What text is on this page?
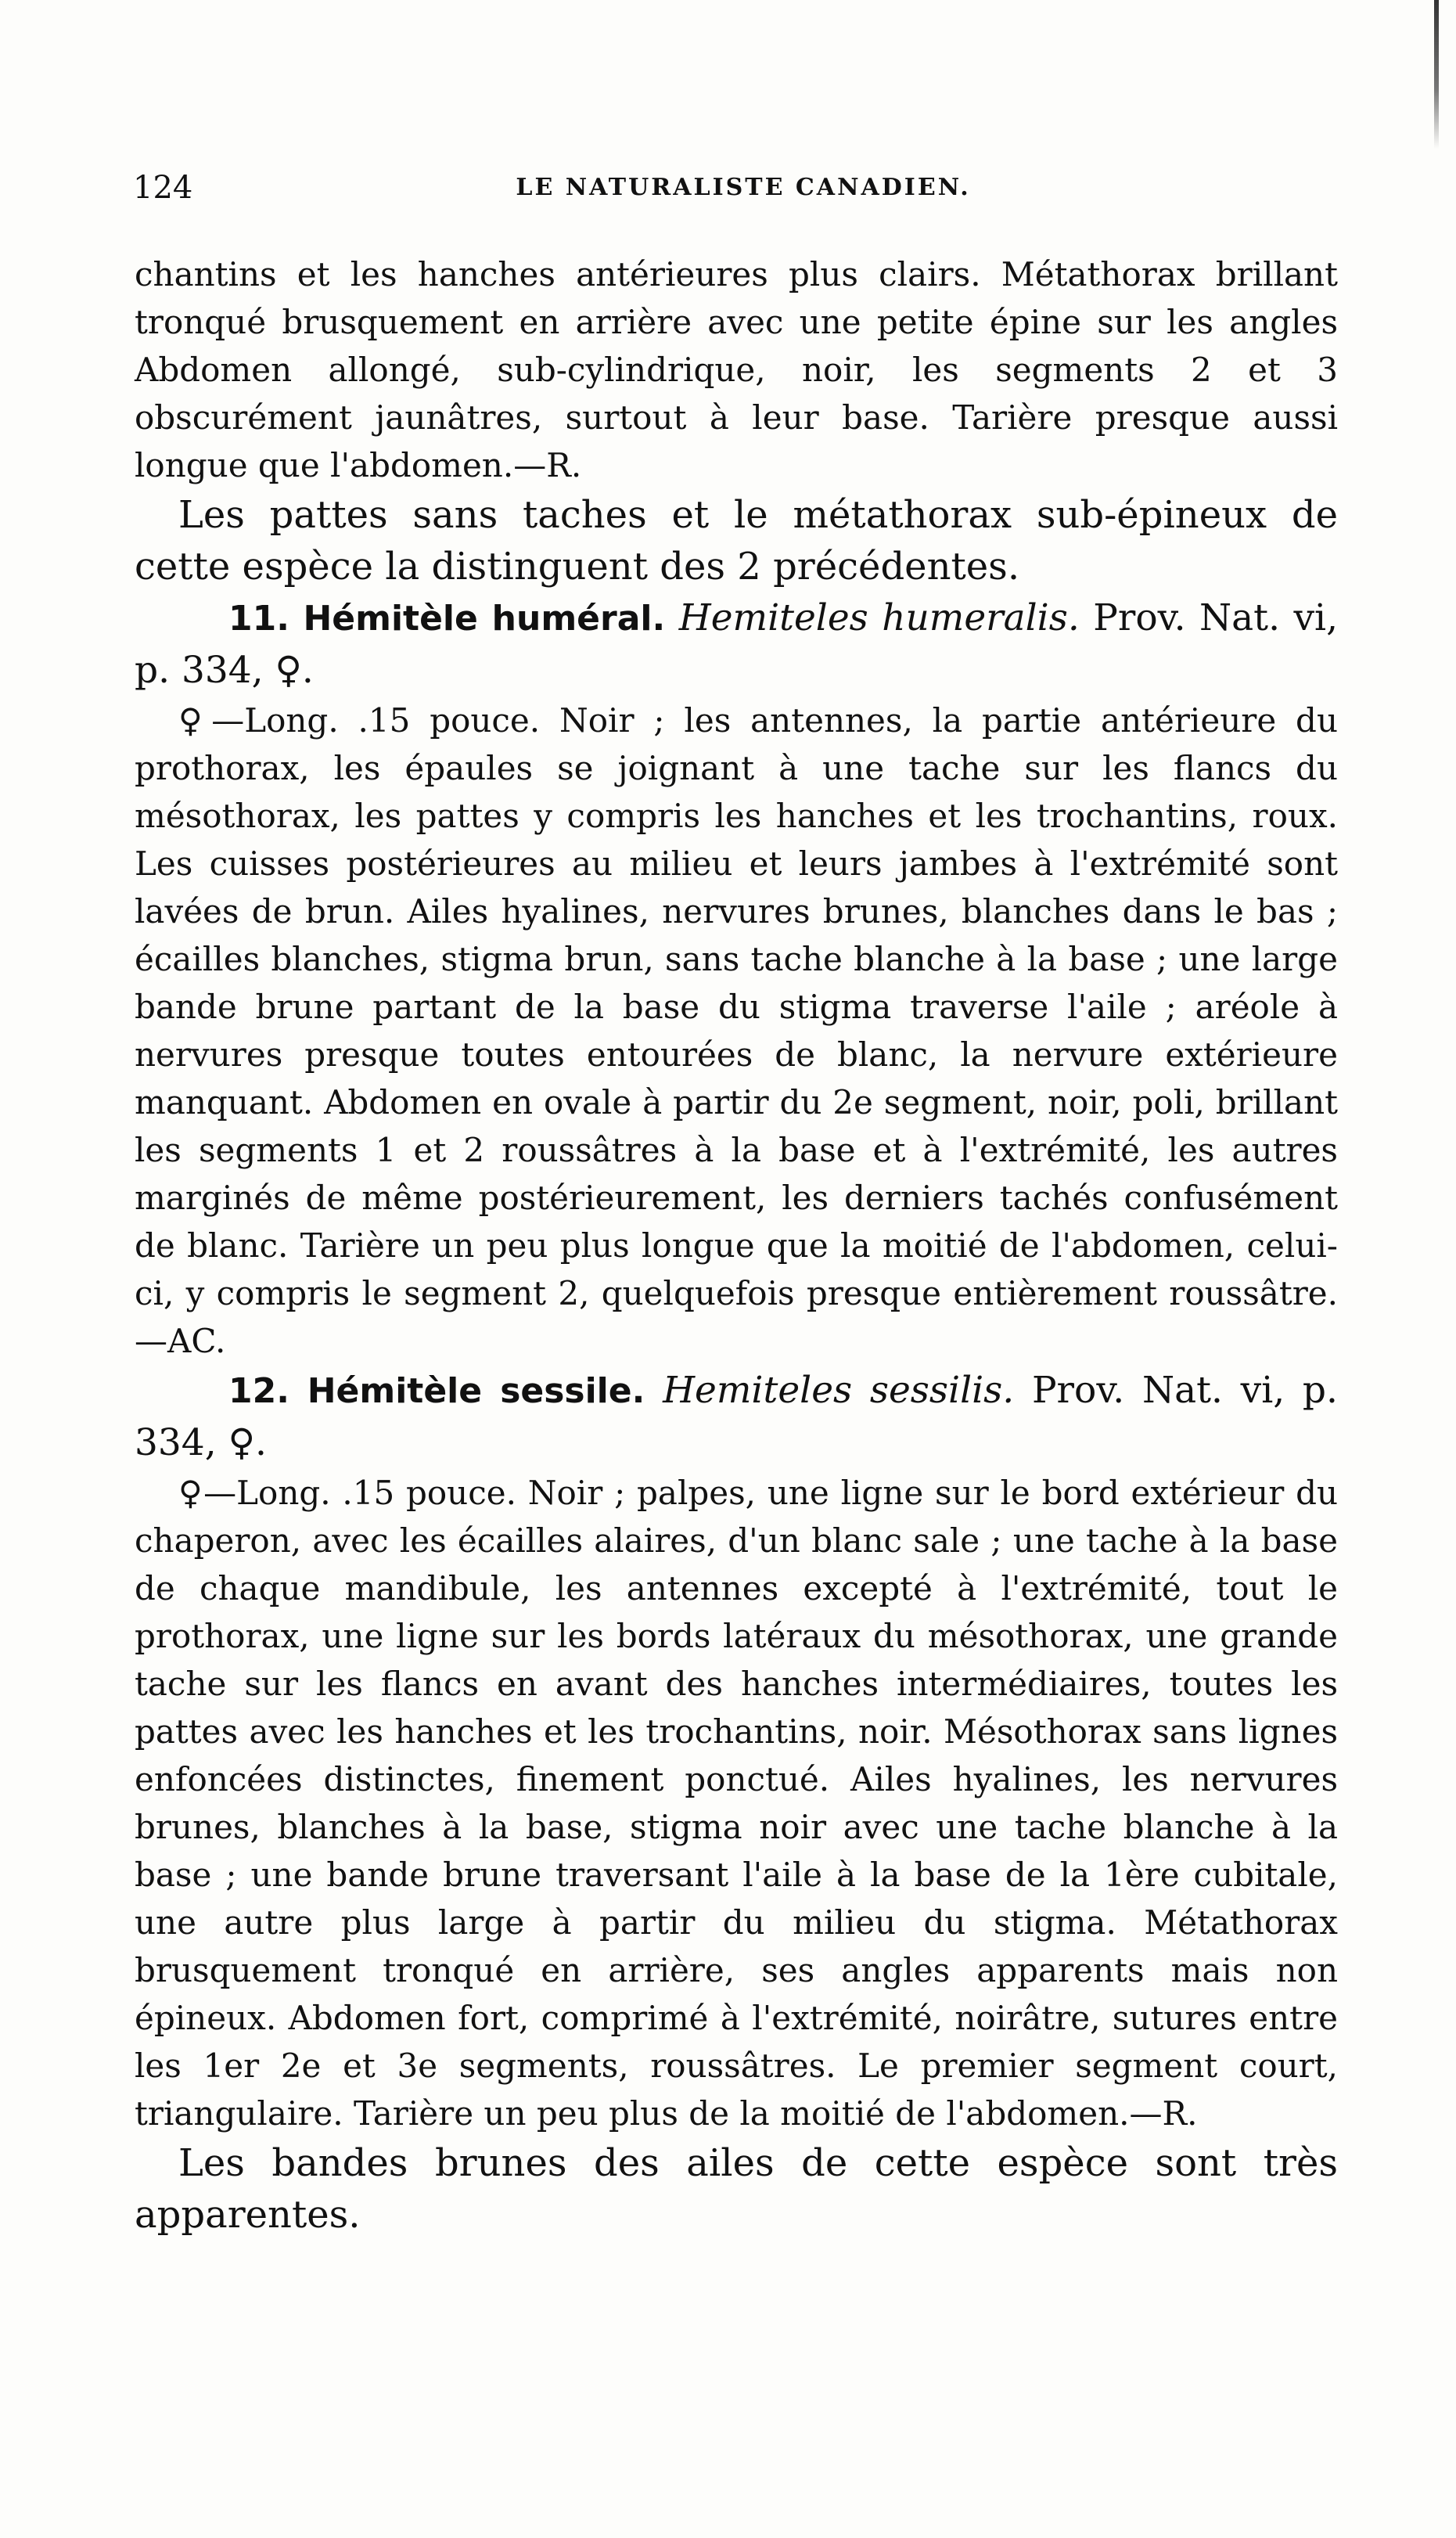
124	LE NATURALISTE CANADIEN.

chantins et les hanches antérieures plus clairs. Métathorax brillant tronqué brusquement en arrière avec une petite épine sur les angles Abdomen allongé, sub-cylindrique, noir, les segments 2 et 3 obscurément jaunâtres, surtout à leur base. Tarière presque aussi longue que l'abdomen.—R.

Les pattes sans taches et le métathorax sub-épineux de cette espèce la distinguent des 2 précédentes.

11. Hémitèle huméral. Hemiteles humeralis. Prov. Nat. vi, p. 334, ♀.

♀—Long. .15 pouce. Noir ; les antennes, la partie antérieure du prothorax, les épaules se joignant à une tache sur les flancs du mésothorax, les pattes y compris les hanches et les trochantins, roux. Les cuisses postérieures au milieu et leurs jambes à l'extrémité sont lavées de brun. Ailes hyalines, nervures brunes, blanches dans le bas ; écailles blanches, stigma brun, sans tache blanche à la base ; une large bande brune partant de la base du stigma traverse l'aile ; aréole à nervures presque toutes entourées de blanc, la nervure extérieure manquant. Abdomen en ovale à partir du 2e segment, noir, poli, brillant les segments 1 et 2 roussâtres à la base et à l'extrémité, les autres marginés de même postérieurement, les derniers tachés confusément de blanc. Tarière un peu plus longue que la moitié de l'abdomen, celui-ci, y compris le segment 2, quelquefois presque entièrement roussâtre.—AC.

12. Hémitèle sessile. Hemiteles sessilis. Prov. Nat. vi, p. 334, ♀.

♀—Long. .15 pouce. Noir ; palpes, une ligne sur le bord extérieur du chaperon, avec les écailles alaires, d'un blanc sale ; une tache à la base de chaque mandibule, les antennes excepté à l'extrémité, tout le prothorax, une ligne sur les bords latéraux du mésothorax, une grande tache sur les flancs en avant des hanches intermédiaires, toutes les pattes avec les hanches et les trochantins, noir. Mésothorax sans lignes enfoncées distinctes, finement ponctué. Ailes hyalines, les nervures brunes, blanches à la base, stigma noir avec une tache blanche à la base ; une bande brune traversant l'aile à la base de la 1ère cubitale, une autre plus large à partir du milieu du stigma. Métathorax brusquement tronqué en arrière, ses angles apparents mais non épineux. Abdomen fort, comprimé à l'extrémité, noirâtre, sutures entre les 1er 2e et 3e segments, roussâtres. Le premier segment court, triangulaire. Tarière un peu plus de la moitié de l'abdomen.—R.

Les bandes brunes des ailes de cette espèce sont très apparentes.
